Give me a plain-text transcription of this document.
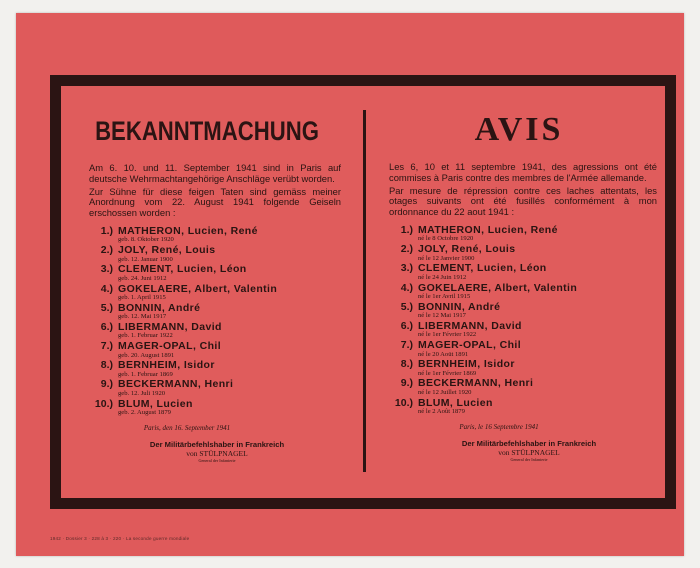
BEKANNTMACHUNG

Am 6. 10. und 11. September 1941 sind in Paris auf deutsche Wehrmachtangehörige Anschläge verübt worden.

Zur Sühne für diese feigen Taten sind gemäss meiner Anordnung vom 22. August 1941 folgende Geiseln erschossen worden :

1.) MATHERON, Lucien, René
geb. 8. Oktober 1920
2.) JOLY, René, Louis
geb. 12. Januar 1900
3.) CLEMENT, Lucien, Léon
geb. 24. Juni 1912
4.) GOKELAERE, Albert, Valentin
geb. 1. April 1915
5.) BONNIN, André
geb. 12. Mai 1917
6.) LIBERMANN, David
geb. 1. Februar 1922
7.) MAGER-OPAL, Chil
geb. 20. August 1891
8.) BERNHEIM, Isidor
geb. 1. Februar 1869
9.) BECKERMANN, Henri
geb. 12. Juli 1920
10.) BLUM, Lucien
geb. 2. August 1879
Paris, den 16. September 1941
Der Militärbefehlshaber in Frankreich
von STÜLPNAGEL
General der Infanterie
AVIS

Les 6, 10 et 11 septembre 1941, des agressions ont été commises à Paris contre des membres de l'Armée allemande.

Par mesure de répression contre ces laches attentats, les otages suivants ont été fusillés conformément à mon ordonnance du 22 aout 1941 :

1.) MATHERON, Lucien, René
né le 8 Octobre 1920
2.) JOLY, René, Louis
né le 12 Janvier 1900
3.) CLEMENT, Lucien, Léon
né le 24 Juin 1912
4.) GOKELAERE, Albert, Valentin
né le 1er Avril 1915
5.) BONNIN, André
né le 12 Mai 1917
6.) LIBERMANN, David
né le 1er Février 1922
7.) MAGER-OPAL, Chil
né le 20 Aoüt 1891
8.) BERNHEIM, Isidor
né le 1er Février 1869
9.) BECKERMANN, Henri
né le 12 Juillet 1920
10.) BLUM, Lucien
né le 2 Août 1879
Paris, le 16 Septembre 1941
Der Militärbefehlshaber in Frankreich
von STÜLPNAGEL
General der Infanterie
1942 · Dossier 3 · 228 à 3 · 220 · La seconde guerre mondiale
